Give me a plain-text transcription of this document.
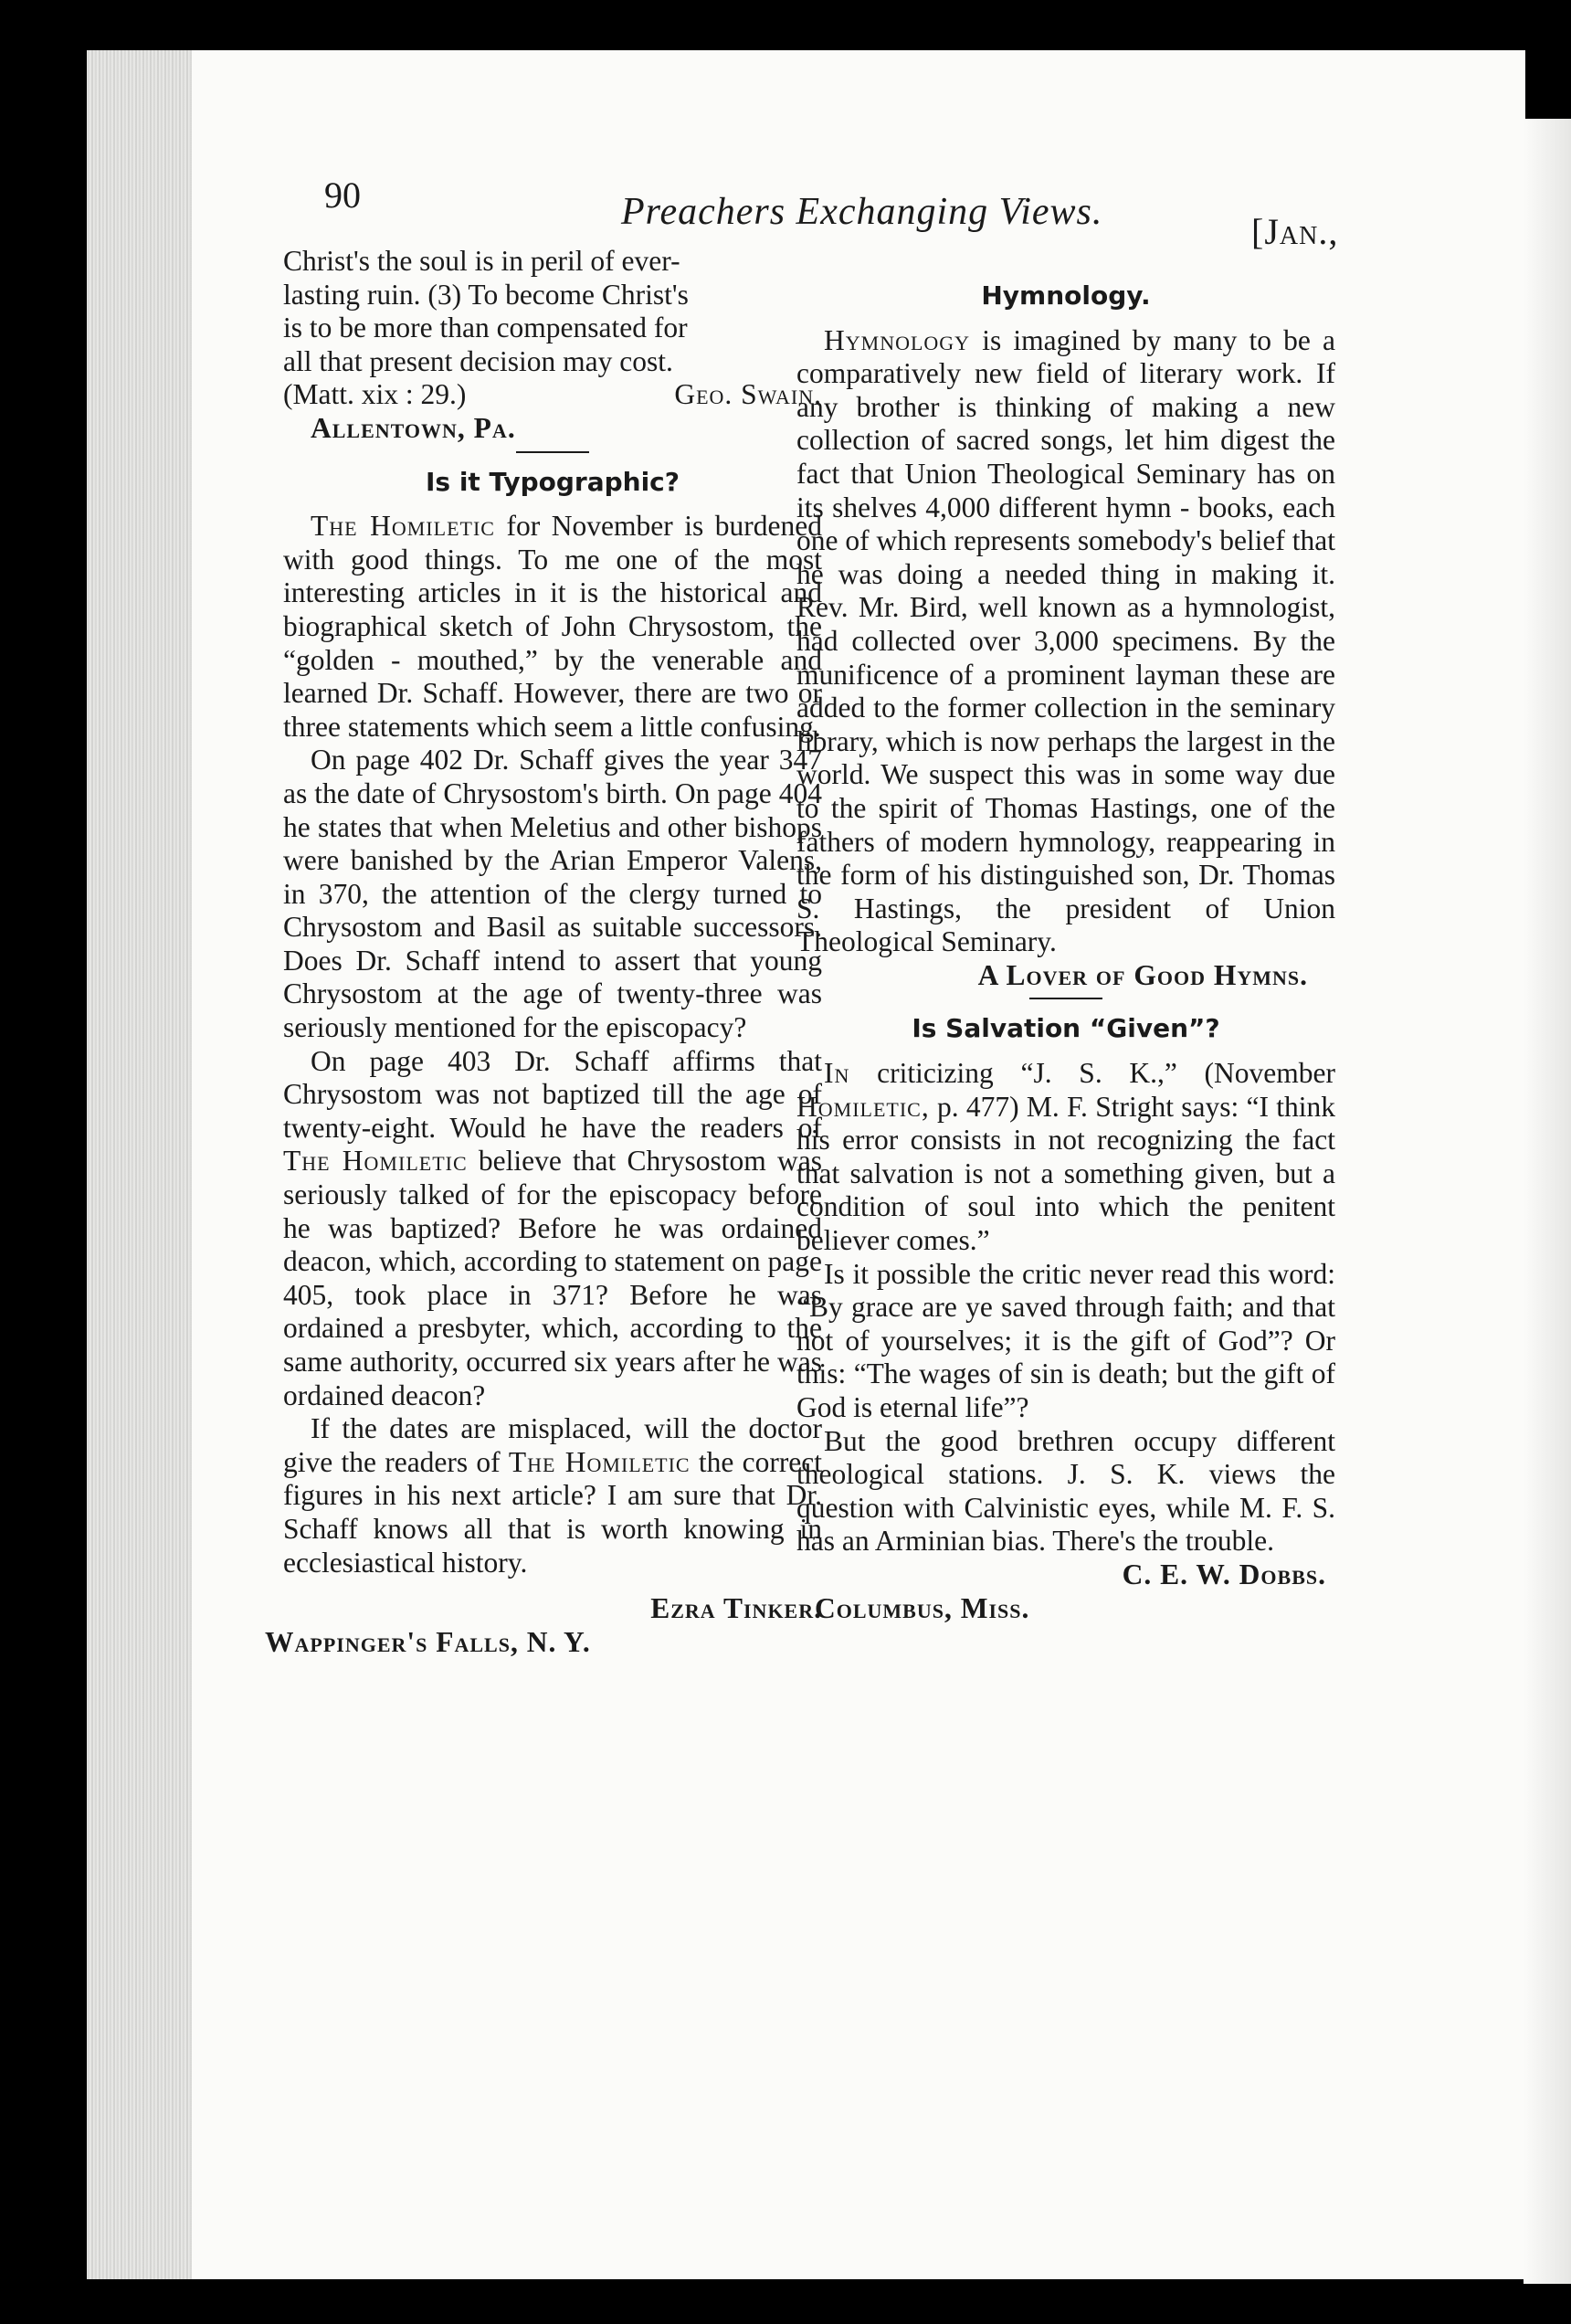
90	Preachers Exchanging Views.	[Jan.,
Christ's the soul is in peril of ever-
lasting ruin. (3) To become Christ's
is to be more than compensated for
all that present decision may cost.
(Matt. xix : 29.)	Geo. Swain.
Allentown, Pa.
Is it Typographic?

The Homiletic for November is burdened with good things. To me one of the most interesting articles in it is the historical and biographical sketch of John Chrysostom, the “golden - mouthed,” by the venerable and learned Dr. Schaff. However, there are two or three statements which seem a little confusing.

On page 402 Dr. Schaff gives the year 347 as the date of Chrysostom's birth. On page 404 he states that when Meletius and other bishops were banished by the Arian Emperor Valens, in 370, the attention of the clergy turned to Chrysostom and Basil as suitable successors. Does Dr. Schaff intend to assert that young Chrysostom at the age of twenty-three was seriously mentioned for the episcopacy?

On page 403 Dr. Schaff affirms that Chrysostom was not baptized till the age of twenty-eight. Would he have the readers of The Homiletic believe that Chrysostom was seriously talked of for the episcopacy before he was baptized? Before he was ordained deacon, which, according to statement on page 405, took place in 371? Before he was ordained a presbyter, which, according to the same authority, occurred six years after he was ordained deacon?

If the dates are misplaced, will the doctor give the readers of The Homiletic the correct figures in his next article? I am sure that Dr. Schaff knows all that is worth knowing in ecclesiastical history.

Ezra Tinker.
Wappinger's Falls, N. Y.
Hymnology.

Hymnology is imagined by many to be a comparatively new field of literary work. If any brother is thinking of making a new collection of sacred songs, let him digest the fact that Union Theological Seminary has on its shelves 4,000 different hymn - books, each one of which represents somebody's belief that he was doing a needed thing in making it. Rev. Mr. Bird, well known as a hymnologist, had collected over 3,000 specimens. By the munificence of a prominent layman these are added to the former collection in the seminary library, which is now perhaps the largest in the world. We suspect this was in some way due to the spirit of Thomas Hastings, one of the fathers of modern hymnology, reappearing in the form of his distinguished son, Dr. Thomas S. Hastings, the president of Union Theological Seminary.

A Lover of Good Hymns.
Is Salvation “Given”?

In criticizing “J. S. K.,” (November Homiletic, p. 477) M. F. Stright says: “I think his error consists in not recognizing the fact that salvation is not a something given, but a condition of soul into which the penitent believer comes.”

Is it possible the critic never read this word: “By grace are ye saved through faith; and that not of yourselves; it is the gift of God”? Or this: “The wages of sin is death; but the gift of God is eternal life”?

But the good brethren occupy different theological stations. J. S. K. views the question with Calvinistic eyes, while M. F. S. has an Arminian bias. There's the trouble.

C. E. W. Dobbs.
Columbus, Miss.
